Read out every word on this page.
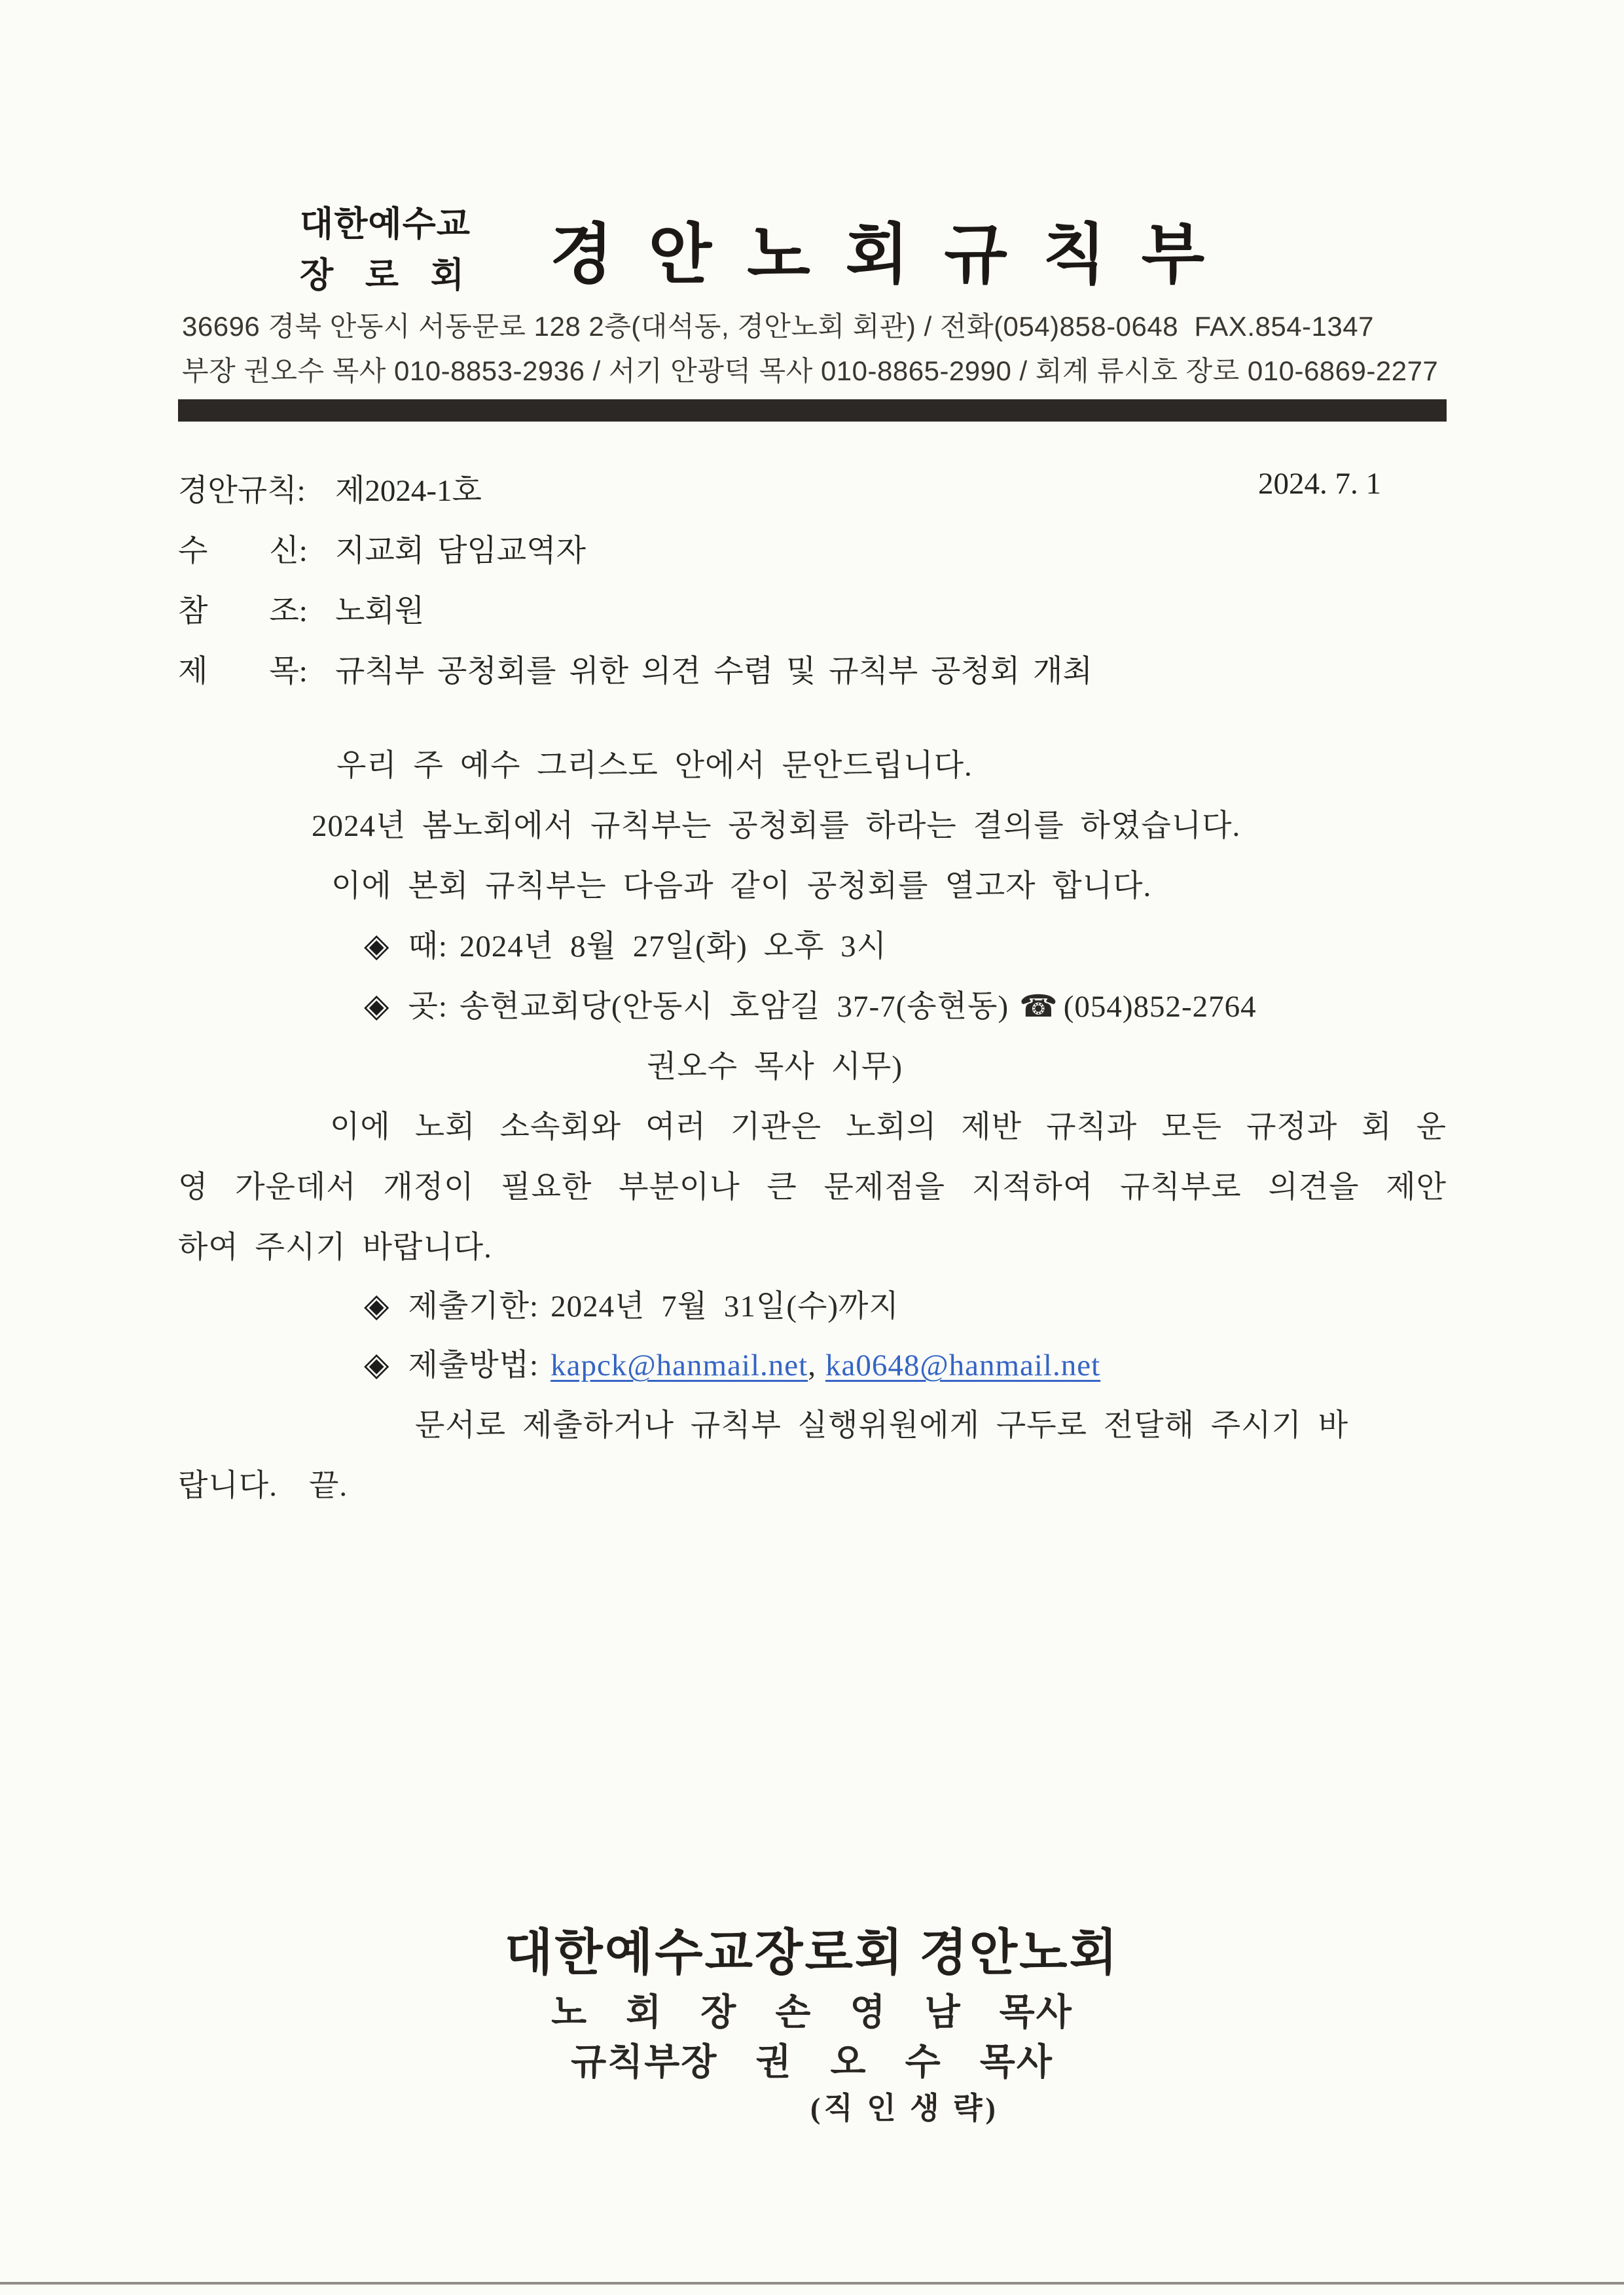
대한예수교
장 로 회 경안노회규칙부
36696 경북 안동시 서동문로 128 2층(대석동, 경안노회 회관) / 전화(054)858-0648  FAX.854-1347
부장 권오수 목사 010-8853-2936 / 서기 안광덕 목사 010-8865-2990 / 회계 류시호 장로 010-6869-2277
경안규칙: 제2024-1호	2024. 7. 1
수　　신: 지교회 담임교역자
참　　조: 노회원
제　　목: 규칙부 공청회를 위한 의견 수렴 및 규칙부 공청회 개최
우리 주 예수 그리스도 안에서 문안드립니다.
2024년 봄노회에서 규칙부는 공청회를 하라는 결의를 하였습니다.
이에 본회 규칙부는 다음과 같이 공청회를 열고자 합니다.
◈ 때: 2024년 8월 27일(화) 오후 3시
◈ 곳: 송현교회당(안동시 호암길 37-7(송현동) ☎ (054)852-2764
권오수 목사 시무)
이에 노회 소속회와 여러 기관은 노회의 제반 규칙과 모든 규정과 회 운
영 가운데서 개정이 필요한 부분이나 큰 문제점을 지적하여 규칙부로 의견을 제안
하여 주시기 바랍니다.
◈ 제출기한: 2024년 7월 31일(수)까지
◈ 제출방법: kapck@hanmail.net , ka0648@hanmail.net
문서로 제출하거나 규칙부 실행위원에게 구두로 전달해 주시기 바
랍니다.　끝.
대한예수교장로회 경안노회
노　회　장　손　영　남　목사
규칙부장　권　오　수　목사
(직 인 생 략)
